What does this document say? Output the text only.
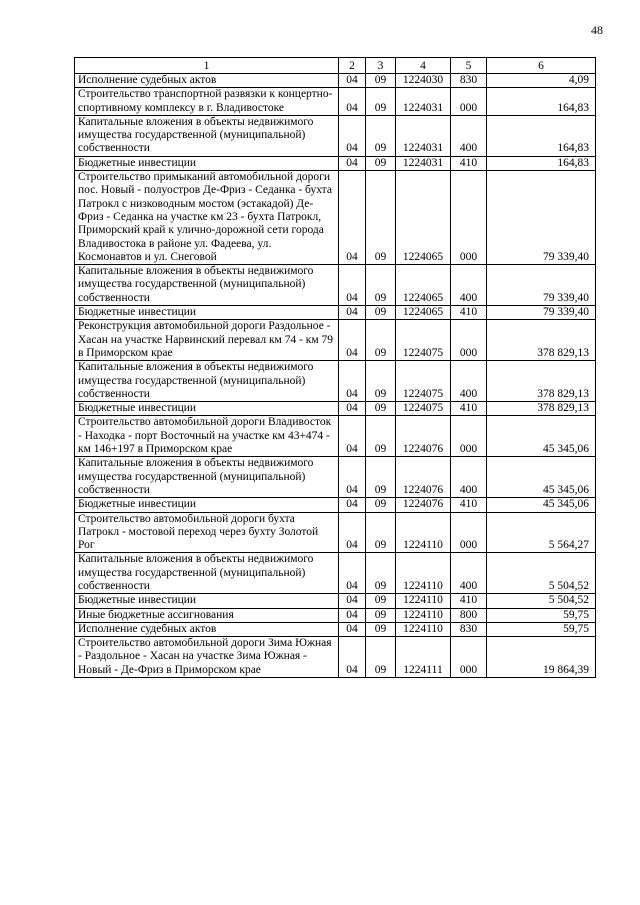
48
1	2	3	4	5	6
Исполнение судебных актов	04	09	1224030	830	4,09
Строительство транспортной развязки к концертно-спортивному комплексу в г. Владивостоке	04	09	1224031	000	164,83
Капитальные вложения в объекты недвижимого имущества государственной (муниципальной) собственности	04	09	1224031	400	164,83
Бюджетные инвестиции	04	09	1224031	410	164,83
Строительство примыканий автомобильной дороги пос. Новый - полуостров Де-Фриз - Седанка - бухта Патрокл с низководным мостом (эстакадой) Де-Фриз - Седанка на участке км 23 - бухта Патрокл, Приморский край к улично-дорожной сети города Владивостока в районе ул. Фадеева, ул. Космонавтов и ул. Снеговой	04	09	1224065	000	79 339,40
Капитальные вложения в объекты недвижимого имущества государственной (муниципальной) собственности	04	09	1224065	400	79 339,40
Бюджетные инвестиции	04	09	1224065	410	79 339,40
Реконструкция автомобильной дороги Раздольное - Хасан на участке Нарвинский перевал км 74 - км 79 в Приморском крае	04	09	1224075	000	378 829,13
Капитальные вложения в объекты недвижимого имущества государственной (муниципальной) собственности	04	09	1224075	400	378 829,13
Бюджетные инвестиции	04	09	1224075	410	378 829,13
Строительство автомобильной дороги Владивосток - Находка - порт Восточный на участке км 43+474 - км 146+197 в Приморском крае	04	09	1224076	000	45 345,06
Капитальные вложения в объекты недвижимого имущества государственной (муниципальной) собственности	04	09	1224076	400	45 345,06
Бюджетные инвестиции	04	09	1224076	410	45 345,06
Строительство автомобильной дороги бухта Патрокл - мостовой переход через бухту Золотой Рог	04	09	1224110	000	5 564,27
Капитальные вложения в объекты недвижимого имущества государственной (муниципальной) собственности	04	09	1224110	400	5 504,52
Бюджетные инвестиции	04	09	1224110	410	5 504,52
Иные бюджетные ассигнования	04	09	1224110	800	59,75
Исполнение судебных актов	04	09	1224110	830	59,75
Строительство автомобильной дороги Зима Южная - Раздольное - Хасан на участке Зима Южная - Новый - Де-Фриз в Приморском крае	04	09	1224111	000	19 864,39
